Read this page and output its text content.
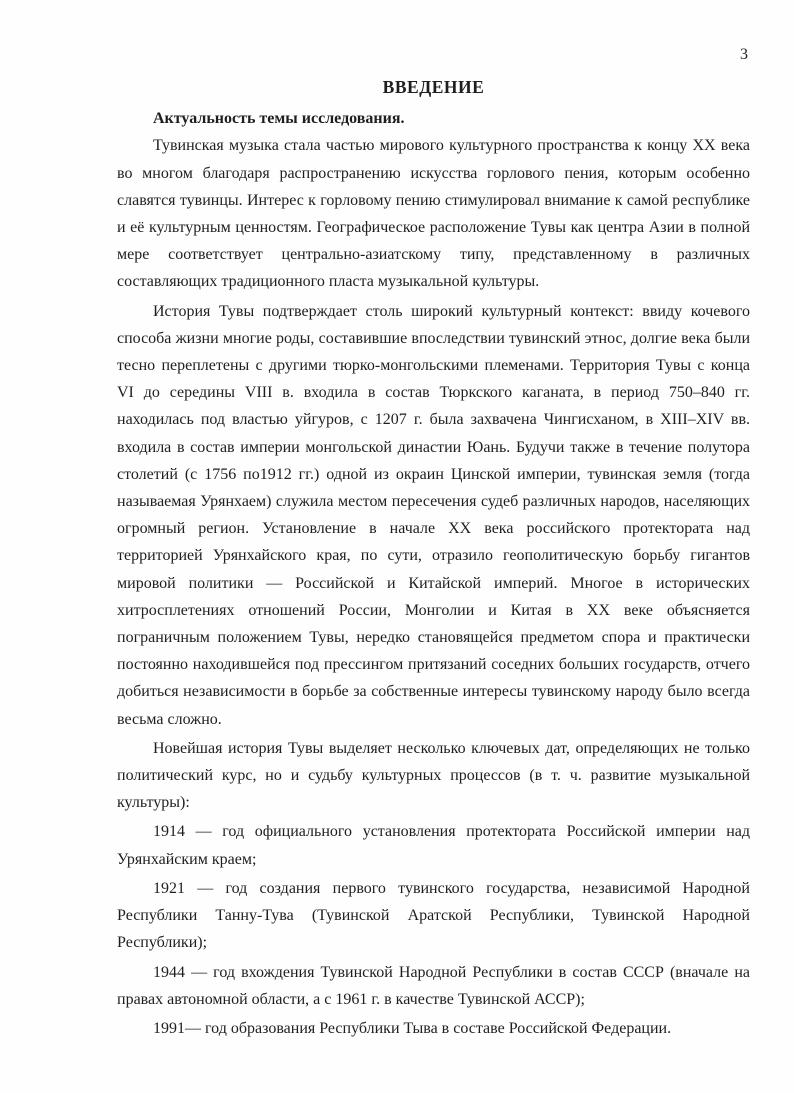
3
ВВЕДЕНИЕ
Актуальность темы исследования.

Тувинская музыка стала частью мирового культурного пространства к концу XX века во многом благодаря распространению искусства горлового пения, которым особенно славятся тувинцы. Интерес к горловому пению стимулировал внимание к самой республике и её культурным ценностям. Географическое расположение Тувы как центра Азии в полной мере соответствует центрально-азиатскому типу, представленному в различных составляющих традиционного пласта музыкальной культуры.

История Тувы подтверждает столь широкий культурный контекст: ввиду кочевого способа жизни многие роды, составившие впоследствии тувинский этнос, долгие века были тесно переплетены с другими тюрко-монгольскими племенами. Территория Тувы с конца VI до середины VIII в. входила в состав Тюркского каганата, в период 750–840 гг. находилась под властью уйгуров, с 1207 г. была захвачена Чингисханом, в XIII–XIV вв. входила в состав империи монгольской династии Юань. Будучи также в течение полутора столетий (с 1756 по1912 гг.) одной из окраин Цинской империи, тувинская земля (тогда называемая Урянхаем) служила местом пересечения судеб различных народов, населяющих огромный регион. Установление в начале XX века российского протектората над территорией Урянхайского края, по сути, отразило геополитическую борьбу гигантов мировой политики — Российской и Китайской империй. Многое в исторических хитросплетениях отношений России, Монголии и Китая в XX веке объясняется пограничным положением Тувы, нередко становящейся предметом спора и практически постоянно находившейся под прессингом притязаний соседних больших государств, отчего добиться независимости в борьбе за собственные интересы тувинскому народу было всегда весьма сложно.

Новейшая история Тувы выделяет несколько ключевых дат, определяющих не только политический курс, но и судьбу культурных процессов (в т. ч. развитие музыкальной культуры):

1914 — год официального установления протектората Российской империи над Урянхайским краем;

1921 — год создания первого тувинского государства, независимой Народной Республики Танну-Тува (Тувинской Аратской Республики, Тувинской Народной Республики);

1944 — год вхождения Тувинской Народной Республики в состав СССР (вначале на правах автономной области, а с 1961 г. в качестве Тувинской АССР);

1991— год образования Республики Тыва в составе Российской Федерации.
